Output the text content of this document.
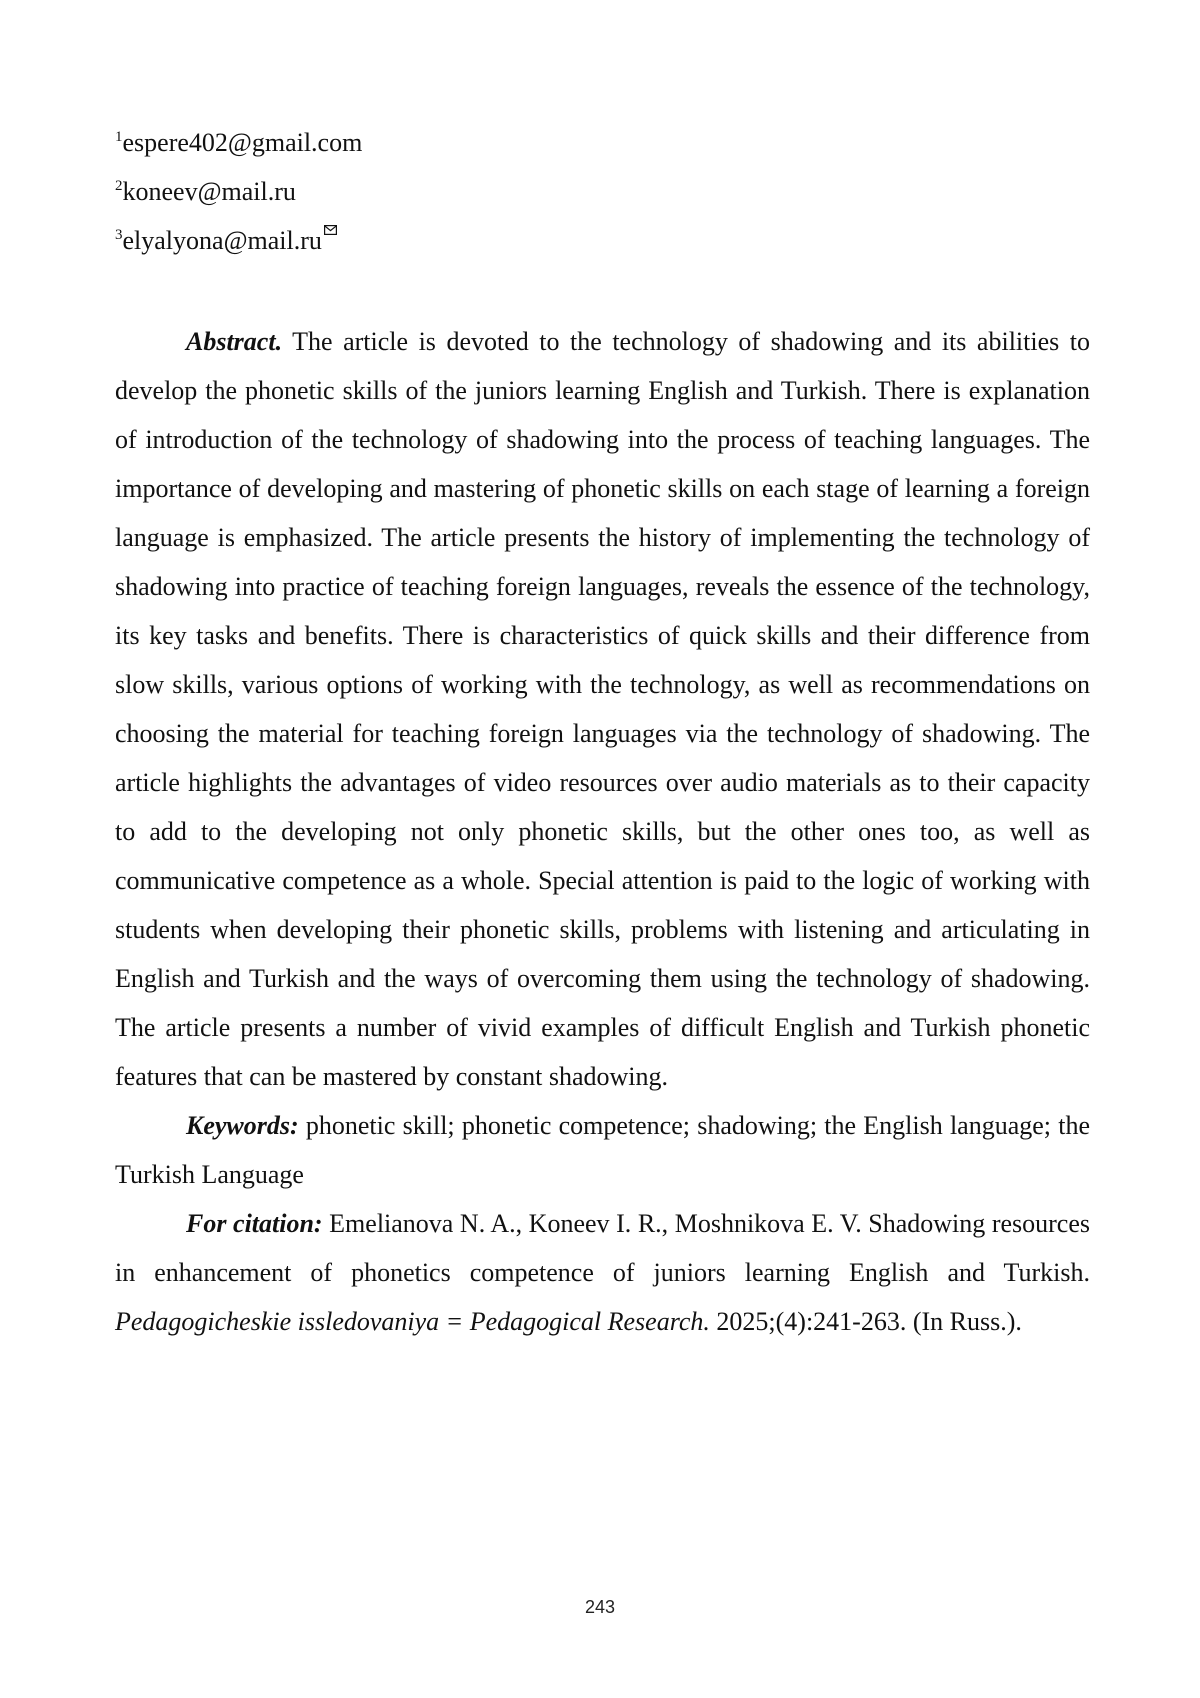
$^1$espere402@gmail.com
$^2$koneev@mail.ru
$^3$elyalyona@mail.ru

Abstract. The article is devoted to the technology of shadowing and its abilities to develop the phonetic skills of the juniors learning English and Turkish. There is explanation of introduction of the technology of shadowing into the process of teaching languages. The importance of developing and mastering of phonetic skills on each stage of learning a foreign language is emphasized. The article presents the history of implementing the technology of shadowing into practice of teaching foreign languages, reveals the essence of the technology, its key tasks and benefits. There is characteristics of quick skills and their difference from slow skills, various options of working with the technology, as well as recommendations on choosing the material for teaching foreign languages via the technology of shadowing. The article highlights the advantages of video resources over audio materials as to their capacity to add to the developing not only phonetic skills, but the other ones too, as well as communicative competence as a whole. Special attention is paid to the logic of working with students when developing their phonetic skills, problems with listening and articulating in English and Turkish and the ways of overcoming them using the technology of shadowing. The article presents a number of vivid examples of difficult English and Turkish phonetic features that can be mastered by constant shadowing.

Keywords: phonetic skill; phonetic competence; shadowing; the English language; the Turkish Language

For citation: Emelianova N. A., Koneev I. R., Moshnikova E. V. Shadowing resources in enhancement of phonetics competence of juniors learning English and Turkish. Pedagogicheskie issledovaniya = Pedagogical Research. 2025;(4):241-263. (In Russ.).

243
